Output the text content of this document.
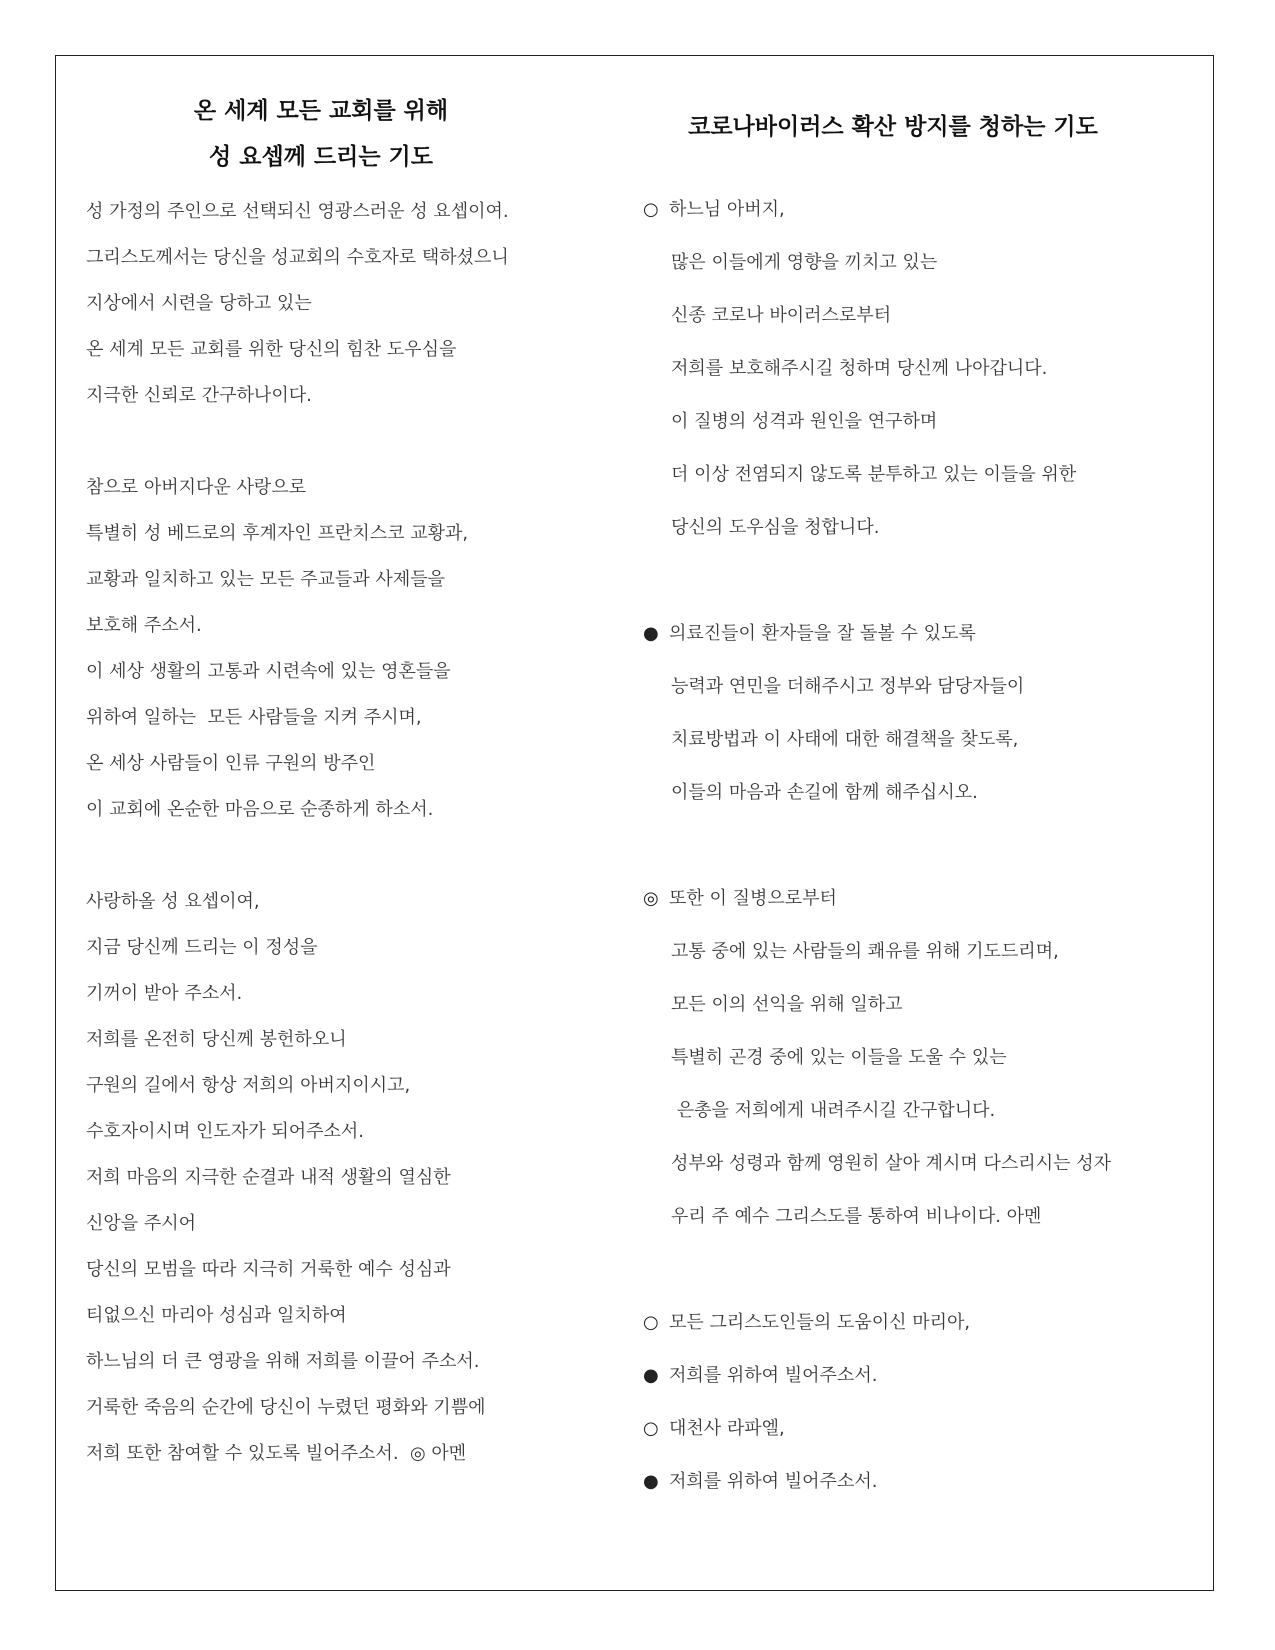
온 세계 모든 교회를 위해
성 요셉께 드리는 기도
성 가정의 주인으로 선택되신 영광스러운 성 요셉이여.
그리스도께서는 당신을 성교회의 수호자로 택하셨으니
지상에서 시련을 당하고 있는
온 세계 모든 교회를 위한 당신의 힘찬 도우심을
지극한 신뢰로 간구하나이다.
참으로 아버지다운 사랑으로
특별히 성 베드로의 후계자인 프란치스코 교황과,
교황과 일치하고 있는 모든 주교들과 사제들을
보호해 주소서.
이 세상 생활의 고통과 시련속에 있는 영혼들을
위하여 일하는  모든 사람들을 지켜 주시며,
온 세상 사람들이 인류 구원의 방주인
이 교회에 온순한 마음으로 순종하게 하소서.
사랑하올 성 요셉이여,
지금 당신께 드리는 이 정성을
기꺼이 받아 주소서.
저희를 온전히 당신께 봉헌하오니
구원의 길에서 항상 저희의 아버지이시고,
수호자이시며 인도자가 되어주소서.
저희 마음의 지극한 순결과 내적 생활의 열심한
신앙을 주시어
당신의 모범을 따라 지극히 거룩한 예수 성심과
티없으신 마리아 성심과 일치하여
하느님의 더 큰 영광을 위해 저희를 이끌어 주소서.
거룩한 죽음의 순간에 당신이 누렸던 평화와 기쁨에
저희 또한 참여할 수 있도록 빌어주소서.  ◎ 아멘
코로나바이러스 확산 방지를 청하는 기도
○ 하느님 아버지,
많은 이들에게 영향을 끼치고 있는
신종 코로나 바이러스로부터
저희를 보호해주시길 청하며 당신께 나아갑니다.
이 질병의 성격과 원인을 연구하며
더 이상 전염되지 않도록 분투하고 있는 이들을 위한
당신의 도우심을 청합니다.
● 의료진들이 환자들을 잘 돌볼 수 있도록
능력과 연민을 더해주시고 정부와 담당자들이
치료방법과 이 사태에 대한 해결책을 찾도록,
이들의 마음과 손길에 함께 해주십시오.
◎ 또한 이 질병으로부터
고통 중에 있는 사람들의 쾌유를 위해 기도드리며,
모든 이의 선익을 위해 일하고
특별히 곤경 중에 있는 이들을 도울 수 있는
은총을 저희에게 내려주시길 간구합니다.
성부와 성령과 함께 영원히 살아 계시며 다스리시는 성자
우리 주 예수 그리스도를 통하여 비나이다. 아멘
○ 모든 그리스도인들의 도움이신 마리아,
● 저희를 위하여 빌어주소서.
○ 대천사 라파엘,
● 저희를 위하여 빌어주소서.
